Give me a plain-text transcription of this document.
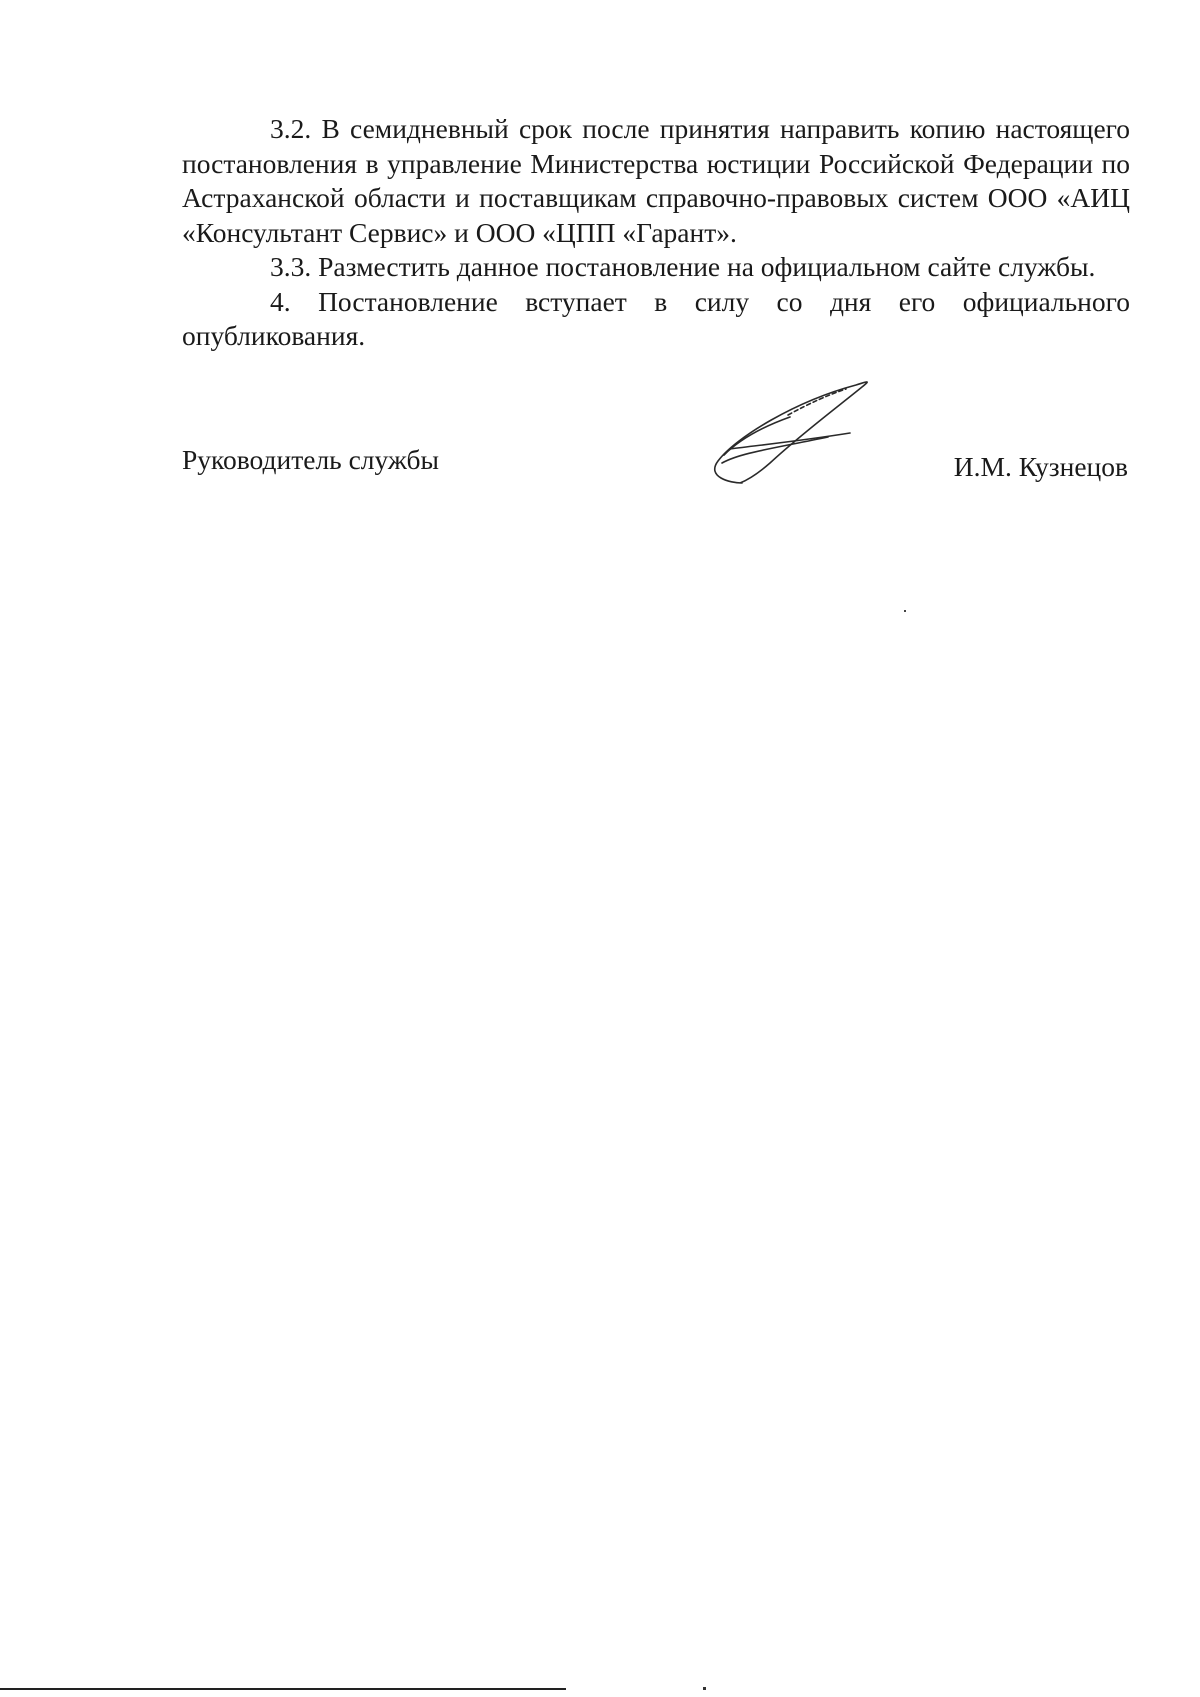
3.2. В семидневный срок после принятия направить копию настоящего постановления в управление Министерства юстиции Российской Федерации по Астраханской области и поставщикам справочно-правовых систем ООО «АИЦ «Консультант Сервис» и ООО «ЦПП «Гарант».

3.3. Разместить данное постановление на официальном сайте службы.

4. Постановление вступает в силу со дня его официального опубликования.

Руководитель службы	И.М. Кузнецов
